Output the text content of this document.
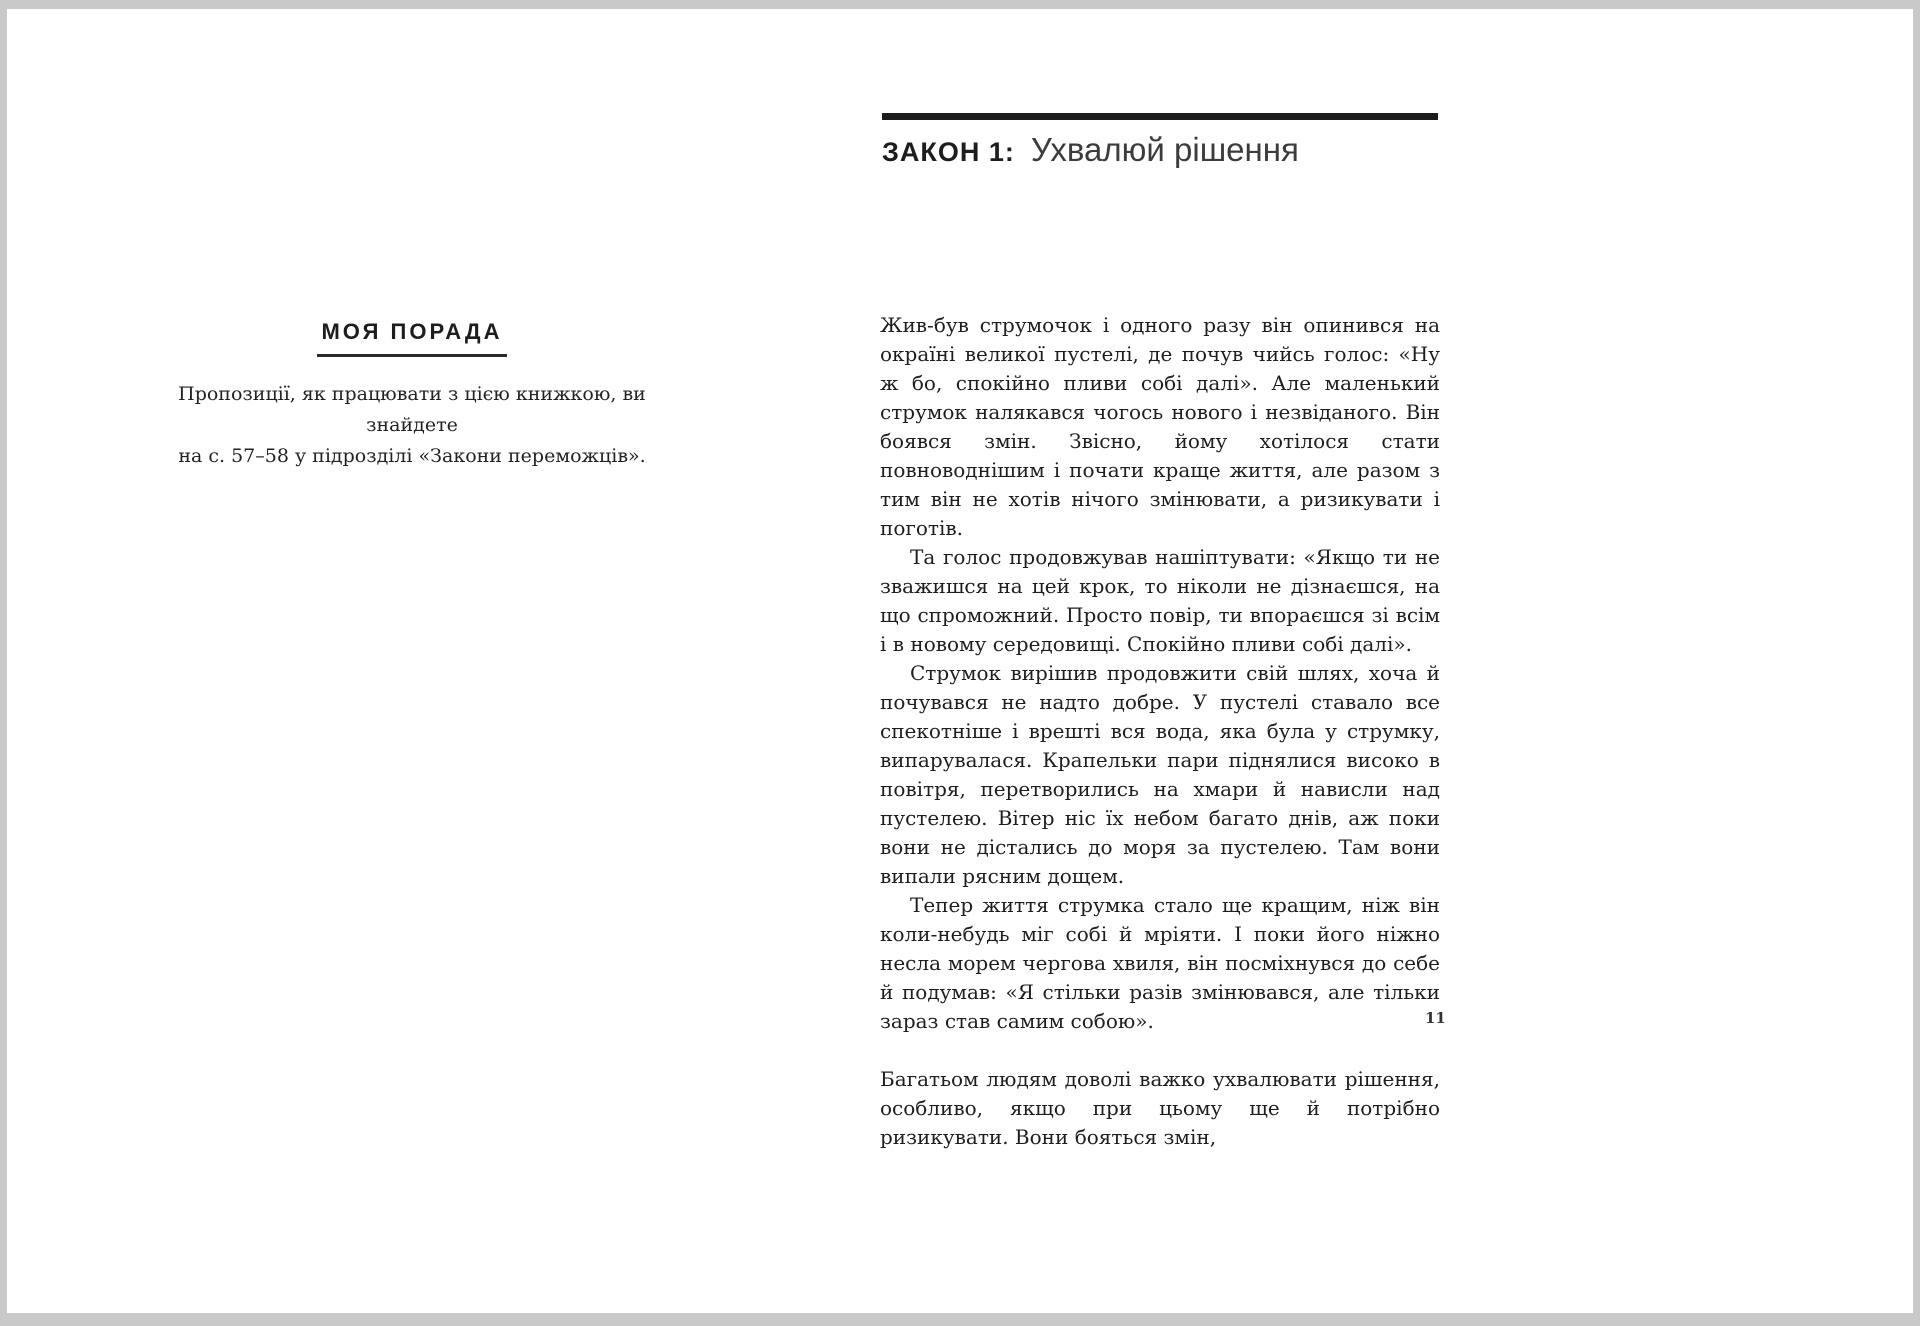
МОЯ ПОРАДА
Пропозиції, як працювати з цією книжкою, ви знайдете
на с. 57–58 у підрозділі «Закони переможців».
ЗАКОН 1: Ухвалюй рішення

Жив-був струмочок і одного разу він опинився на окраїні великої пустелі, де почув чийсь голос: «Ну ж бо, спокійно пливи собі далі». Але маленький струмок налякався чогось нового і незвіданого. Він боявся змін. Звісно, йому хотілося стати повноводнішим і почати краще життя, але разом з тим він не хотів нічого змінювати, а ризикувати і поготів.

Та голос продовжував нашіптувати: «Якщо ти не зважишся на цей крок, то ніколи не дізнаєшся, на що спроможний. Просто повір, ти впораєшся зі всім і в новому середовищі. Спокійно пливи собі далі».

Струмок вирішив продовжити свій шлях, хоча й почувався не надто добре. У пустелі ставало все спекотніше і врешті вся вода, яка була у струмку, випарувалася. Крапельки пари піднялися високо в повітря, перетворились на хмари й нависли над пустелею. Вітер ніс їх небом багато днів, аж поки вони не дістались до моря за пустелею. Там вони випали рясним дощем.

Тепер життя струмка стало ще кращим, ніж він коли-небудь міг собі й мріяти. І поки його ніжно несла морем чергова хвиля, він посміхнувся до себе й подумав: «Я стільки разів змінювався, але тільки зараз став самим собою».

Багатьом людям доволі важко ухвалювати рішення, особливо, якщо при цьому ще й потрібно ризикувати. Вони бояться змін,

11
